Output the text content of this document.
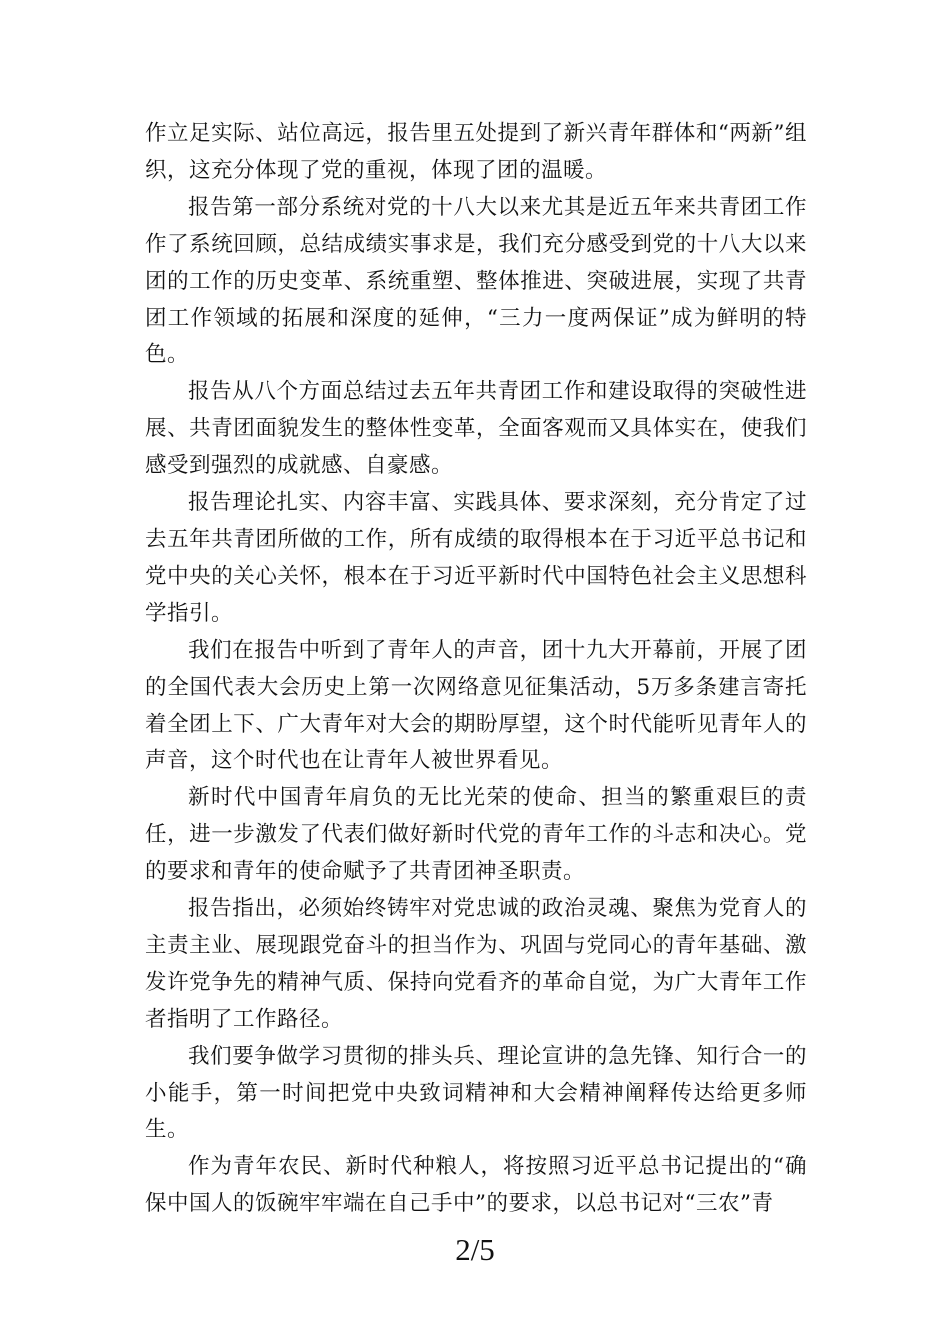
作立足实际、站位高远，报告里五处提到了新兴青年群体和“两新”组织，这充分体现了党的重视，体现了团的温暖。

报告第一部分系统对党的十八大以来尤其是近五年来共青团工作作了系统回顾，总结成绩实事求是，我们充分感受到党的十八大以来团的工作的历史变革、系统重塑、整体推进、突破进展，实现了共青团工作领域的拓展和深度的延伸，“三力一度两保证”成为鲜明的特色。

报告从八个方面总结过去五年共青团工作和建设取得的突破性进展、共青团面貌发生的整体性变革，全面客观而又具体实在，使我们感受到强烈的成就感、自豪感。

报告理论扎实、内容丰富、实践具体、要求深刻，充分肯定了过去五年共青团所做的工作，所有成绩的取得根本在于习近平总书记和党中央的关心关怀，根本在于习近平新时代中国特色社会主义思想科学指引。

我们在报告中听到了青年人的声音，团十九大开幕前，开展了团的全国代表大会历史上第一次网络意见征集活动，5万多条建言寄托着全团上下、广大青年对大会的期盼厚望，这个时代能听见青年人的声音，这个时代也在让青年人被世界看见。

新时代中国青年肩负的无比光荣的使命、担当的繁重艰巨的责任，进一步激发了代表们做好新时代党的青年工作的斗志和决心。党的要求和青年的使命赋予了共青团神圣职责。

报告指出，必须始终铸牢对党忠诚的政治灵魂、聚焦为党育人的主责主业、展现跟党奋斗的担当作为、巩固与党同心的青年基础、激发许党争先的精神气质、保持向党看齐的革命自觉，为广大青年工作者指明了工作路径。

我们要争做学习贯彻的排头兵、理论宣讲的急先锋、知行合一的小能手，第一时间把党中央致词精神和大会精神阐释传达给更多师生。

作为青年农民、新时代种粮人，将按照习近平总书记提出的“确保中国人的饭碗牢牢端在自己手中”的要求，以总书记对“三农”青

2/5
